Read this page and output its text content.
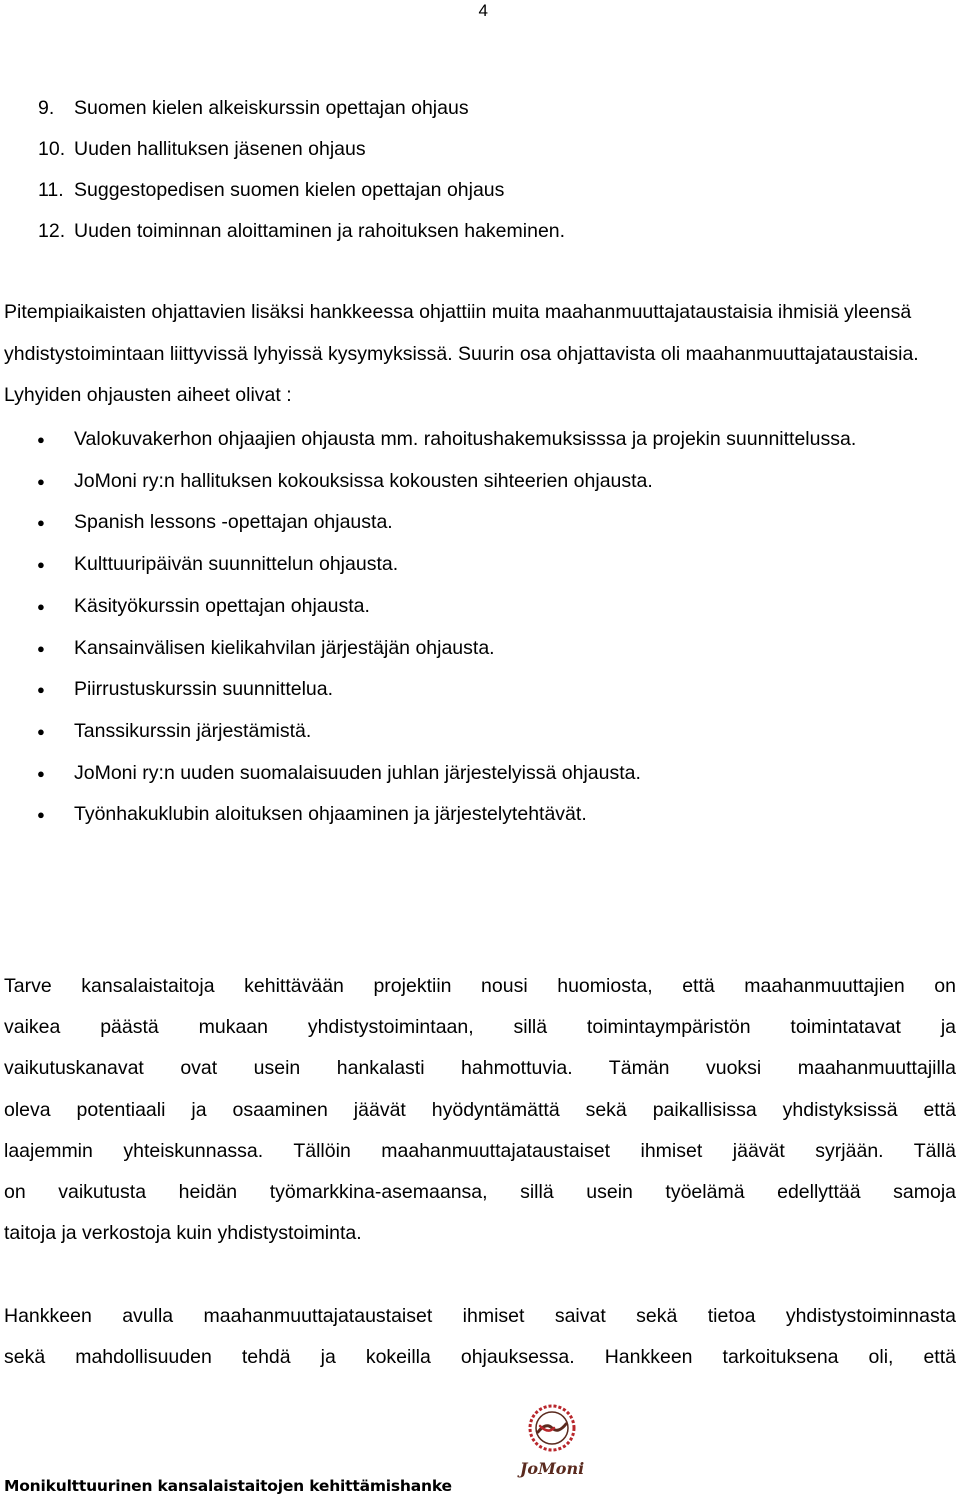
4
9.	Suomen kielen alkeiskurssin opettajan ohjaus
10. Uuden hallituksen jäsenen ohjaus
11. Suggestopedisen suomen kielen opettajan ohjaus
12. Uuden toiminnan aloittaminen ja rahoituksen hakeminen.

Pitempiaikaisten ohjattavien lisäksi hankkeessa ohjattiin muita maahanmuuttajataustaisia ihmisiä yleensä yhdistystoimintaan liittyvissä lyhyissä kysymyksissä. Suurin osa ohjattavista oli maahanmuuttajataustaisia. Lyhyiden ohjausten aiheet olivat :

● Valokuvakerhon ohjaajien ohjausta mm. rahoitushakemuksisssa ja projekin suunnittelussa.
● JoMoni ry:n hallituksen kokouksissa kokousten sihteerien ohjausta.
● Spanish lessons -opettajan ohjausta.
● Kulttuuripäivän suunnittelun ohjausta.
● Käsityökurssin opettajan ohjausta.
● Kansainvälisen kielikahvilan järjestäjän ohjausta.
● Piirrustuskurssin suunnittelua.
● Tanssikurssin järjestämistä.
● JoMoni ry:n uuden suomalaisuuden juhlan järjestelyissä ohjausta.
● Työnhakuklubin aloituksen ohjaaminen ja järjestelytehtävät.
Tarve kansalaistaitoja kehittävään projektiin nousi huomiosta, että maahanmuuttajien on
vaikea päästä mukaan yhdistystoimintaan, sillä toimintaympäristön toimintatavat ja
vaikutuskanavat ovat usein hankalasti hahmottuvia. Tämän vuoksi maahanmuuttajilla
oleva potentiaali ja osaaminen jäävät hyödyntämättä sekä paikallisissa yhdistyksissä että
laajemmin yhteiskunnassa. Tällöin maahanmuuttajataustaiset ihmiset jäävät syrjään. Tällä
on vaikutusta heidän työmarkkina-asemaansa, sillä usein työelämä edellyttää samoja
taitoja ja verkostoja kuin yhdistystoiminta.
Hankkeen avulla maahanmuuttajataustaiset ihmiset saivat sekä tietoa yhdistystoiminnasta
sekä mahdollisuuden tehdä ja kokeilla ohjauksessa. Hankkeen tarkoituksena oli, että
Monikulttuurinen kansalaistaitojen kehittämishanke
JoMoni
